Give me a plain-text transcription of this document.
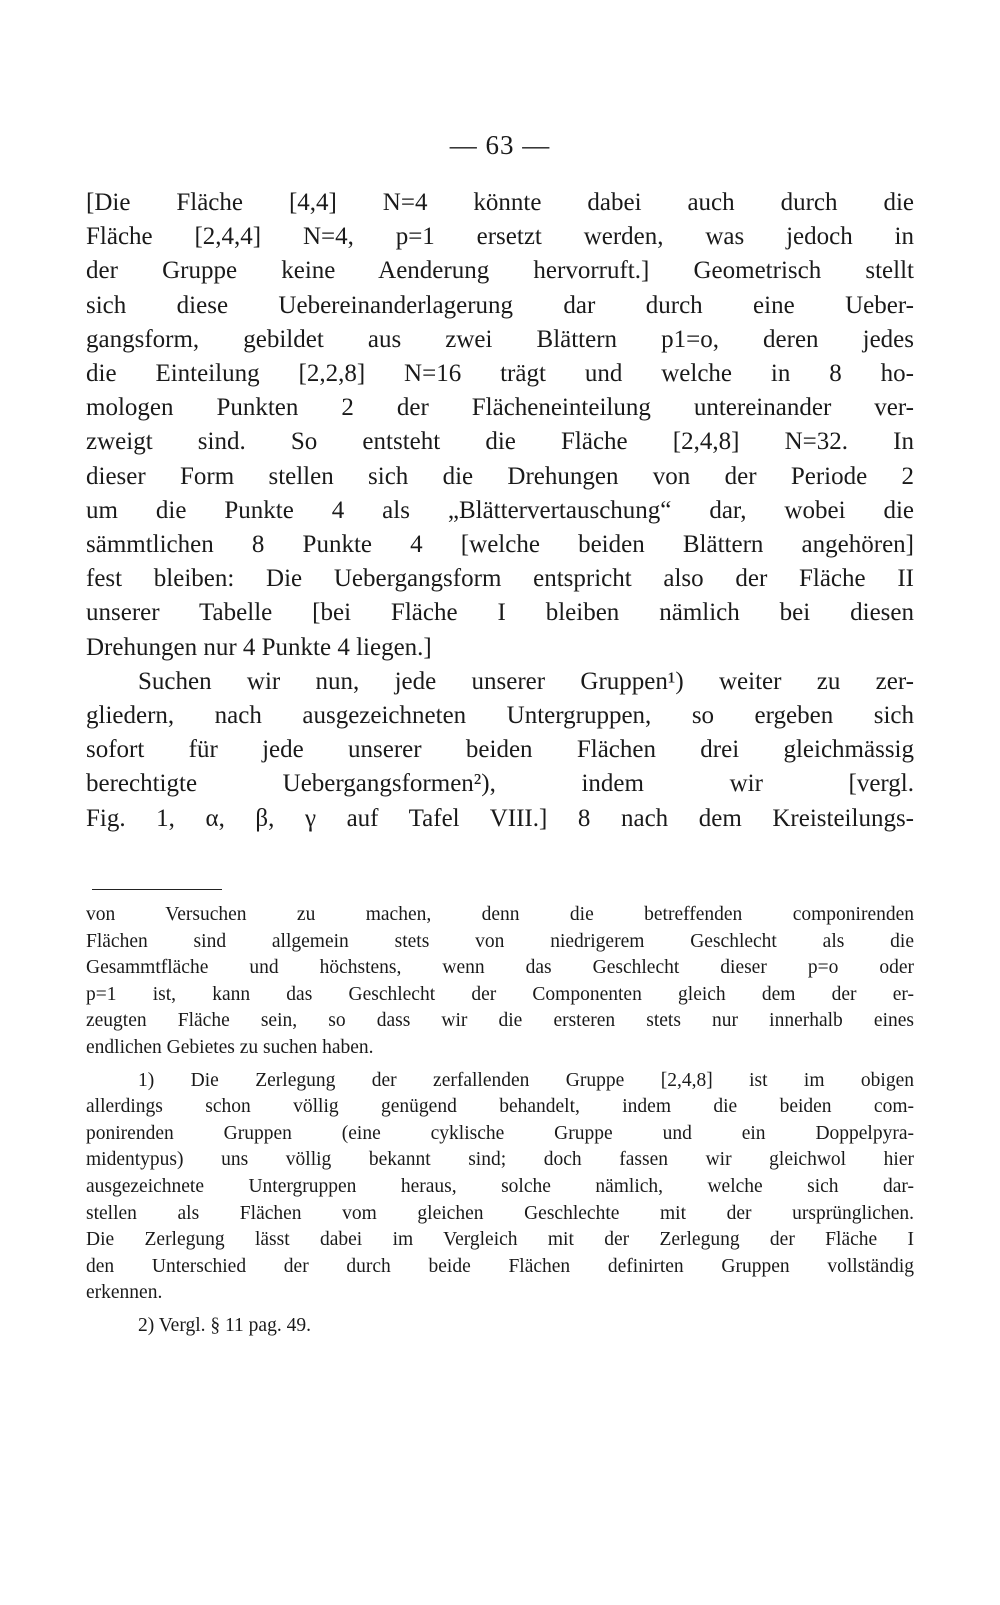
— 63 —
[Die Fläche [4,4] N=4 könnte dabei auch durch die
Fläche [2,4,4] N=4, p=1 ersetzt werden, was jedoch in
der Gruppe keine Aenderung hervorruft.] Geometrisch stellt
sich diese Uebereinanderlagerung dar durch eine Ueber-
gangsform, gebildet aus zwei Blättern p1=o, deren jedes
die Einteilung [2,2,8] N=16 trägt und welche in 8 ho-
mologen Punkten 2 der Flächeneinteilung untereinander ver-
zweigt sind. So entsteht die Fläche [2,4,8] N=32. In
dieser Form stellen sich die Drehungen von der Periode 2
um die Punkte 4 als „Blättervertauschung“ dar, wobei die
sämmtlichen 8 Punkte 4 [welche beiden Blättern angehören]
fest bleiben: Die Uebergangsform entspricht also der Fläche II
unserer Tabelle [bei Fläche I bleiben nämlich bei diesen
Drehungen nur 4 Punkte 4 liegen.]
Suchen wir nun, jede unserer Gruppen¹) weiter zu zer-
gliedern, nach ausgezeichneten Untergruppen, so ergeben sich
sofort für jede unserer beiden Flächen drei gleichmässig
berechtigte Uebergangsformen²), indem wir [vergl.
Fig. 1, α, β, γ auf Tafel VIII.] 8 nach dem Kreisteilungs-
von Versuchen zu machen, denn die betreffenden componirenden
Flächen sind allgemein stets von niedrigerem Geschlecht als die
Gesammtfläche und höchstens, wenn das Geschlecht dieser p=o oder
p=1 ist, kann das Geschlecht der Componenten gleich dem der er-
zeugten Fläche sein, so dass wir die ersteren stets nur innerhalb eines
endlichen Gebietes zu suchen haben.
1) Die Zerlegung der zerfallenden Gruppe [2,4,8] ist im obigen
allerdings schon völlig genügend behandelt, indem die beiden com-
ponirenden Gruppen (eine cyklische Gruppe und ein Doppelpyra-
midentypus) uns völlig bekannt sind; doch fassen wir gleichwol hier
ausgezeichnete Untergruppen heraus, solche nämlich, welche sich dar-
stellen als Flächen vom gleichen Geschlechte mit der ursprünglichen.
Die Zerlegung lässt dabei im Vergleich mit der Zerlegung der Fläche I
den Unterschied der durch beide Flächen definirten Gruppen vollständig
erkennen.
2) Vergl. § 11 pag. 49.
